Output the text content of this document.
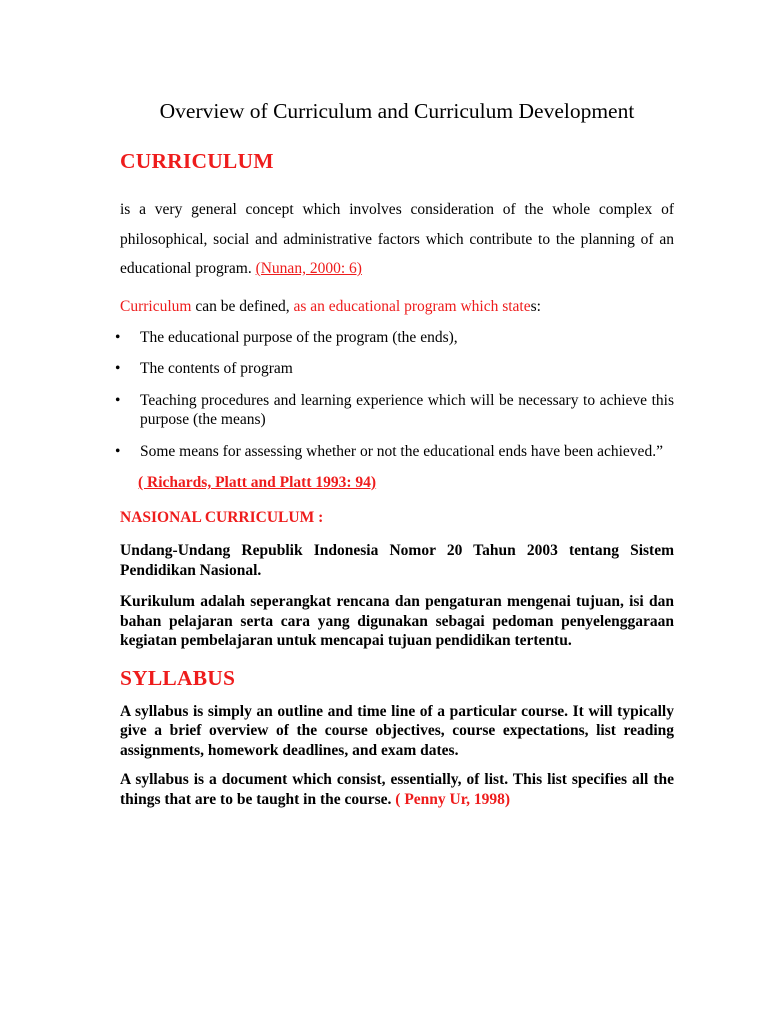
Overview of Curriculum and Curriculum Development
CURRICULUM

is a very general concept which involves consideration of the whole complex of philosophical, social and administrative factors which contribute to the planning of an educational program. (Nunan, 2000: 6)

Curriculum can be defined, as an educational program which states:

•	The educational purpose of the program (the ends),
•	The contents of program
•	Teaching procedures and learning experience which will be necessary to achieve this purpose (the means)
•	Some means for assessing whether or not the educational ends have been achieved.”
( Richards, Platt and Platt 1993: 94)
NASIONAL CURRICULUM :

Undang-Undang Republik Indonesia Nomor 20 Tahun 2003 tentang Sistem Pendidikan Nasional.

Kurikulum adalah seperangkat rencana dan pengaturan mengenai tujuan, isi dan bahan pelajaran serta cara yang digunakan sebagai pedoman penyelenggaraan kegiatan pembelajaran untuk mencapai tujuan pendidikan tertentu.

SYLLABUS

A syllabus is simply an outline and time line of a particular course. It will typically give a brief overview of the course objectives, course expectations, list reading assignments, homework deadlines, and exam dates.

A syllabus is a document which consist, essentially, of list. This list specifies all the things that are to be taught in the course. ( Penny Ur, 1998)
